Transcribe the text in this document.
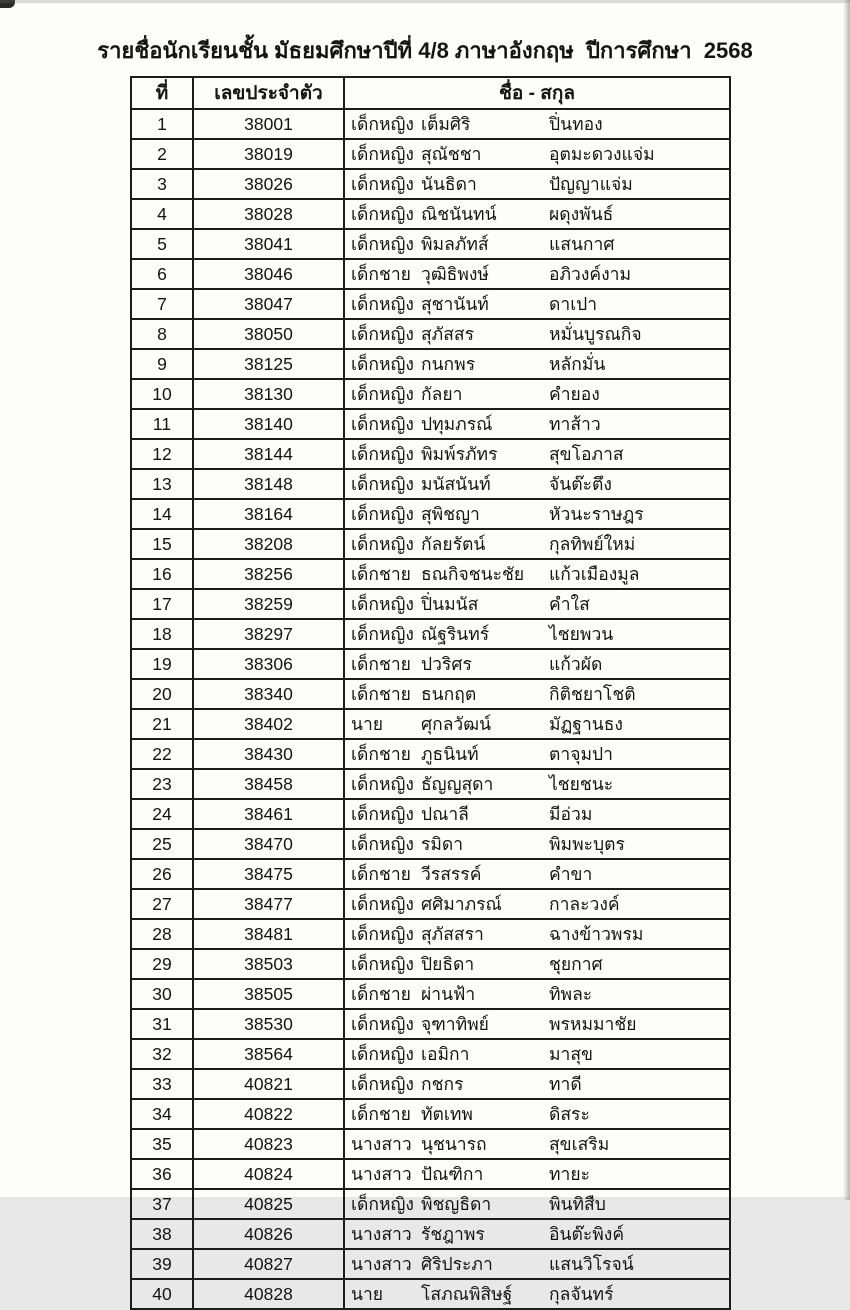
รายชื่อนักเรียนชั้น มัธยมศึกษาปีที่ 4/8 ภาษาอังกฤษ  ปีการศึกษา  2568
ที่	เลขประจำตัว	ชื่อ - สกุล
1	38001	เด็กหญิง เต็มศิริ ปิ่นทอง

2	38019	เด็กหญิง สุณัชชา อุตมะดวงแจ่ม

3	38026	เด็กหญิง นันธิดา ปัญญาแจ่ม

4	38028	เด็กหญิง ณิชนันทน์ ผดุงพันธ์

5	38041	เด็กหญิง พิมลภัทส์ แสนกาศ

6	38046	เด็กชาย วุฒิธิพงษ์ อภิวงค์งาม

7	38047	เด็กหญิง สุชานันท์ ดาเปา

8	38050	เด็กหญิง สุภัสสร หมั่นบูรณกิจ

9	38125	เด็กหญิง กนกพร หลักมั่น

10	38130	เด็กหญิง กัลยา คำยอง

11	38140	เด็กหญิง ปทุมภรณ์ ทาส้าว

12	38144	เด็กหญิง พิมพ์รภัทร สุขโอภาส

13	38148	เด็กหญิง มนัสนันท์ จันต๊ะตึง

14	38164	เด็กหญิง สุพิชญา หัวนะราษฎร

15	38208	เด็กหญิง กัลยรัตน์ กุลทิพย์ใหม่

16	38256	เด็กชาย ธณกิจชนะชัย แก้วเมืองมูล

17	38259	เด็กหญิง ปิ่นมนัส คำใส

18	38297	เด็กหญิง ณัฐรินทร์ ไชยพวน

19	38306	เด็กชาย ปวริศร แก้วผัด

20	38340	เด็กชาย ธนกฤต กิติชยาโชติ

21	38402	นาย ศุกลวัฒน์ มัฏฐานธง

22	38430	เด็กชาย ภูธนินท์ ตาจุมปา

23	38458	เด็กหญิง ธัญญสุดา ไชยชนะ

24	38461	เด็กหญิง ปณาลี มีอ่วม

25	38470	เด็กหญิง รมิดา พิมพะบุตร

26	38475	เด็กชาย วีรสรรค์ คำขา

27	38477	เด็กหญิง ศศิมาภรณ์ กาละวงค์

28	38481	เด็กหญิง สุภัสสรา ฉางข้าวพรม

29	38503	เด็กหญิง ปิยธิดา ชุยกาศ

30	38505	เด็กชาย ผ่านฟ้า ทิพละ

31	38530	เด็กหญิง จุฑาทิพย์ พรหมมาชัย

32	38564	เด็กหญิง เอมิกา มาสุข

33	40821	เด็กหญิง กชกร ทาดี

34	40822	เด็กชาย ทัตเทพ ดิสระ

35	40823	นางสาว นุชนารถ สุขเสริม

36	40824	นางสาว ปัณฑิกา ทายะ

37	40825	เด็กหญิง พิชญธิดา พินทิสืบ

38	40826	นางสาว รัชฎาพร อินต๊ะพิงค์

39	40827	นางสาว ศิริประภา แสนวิโรจน์

40	40828	นาย โสภณพิสิษฐ์ กุลจันทร์
